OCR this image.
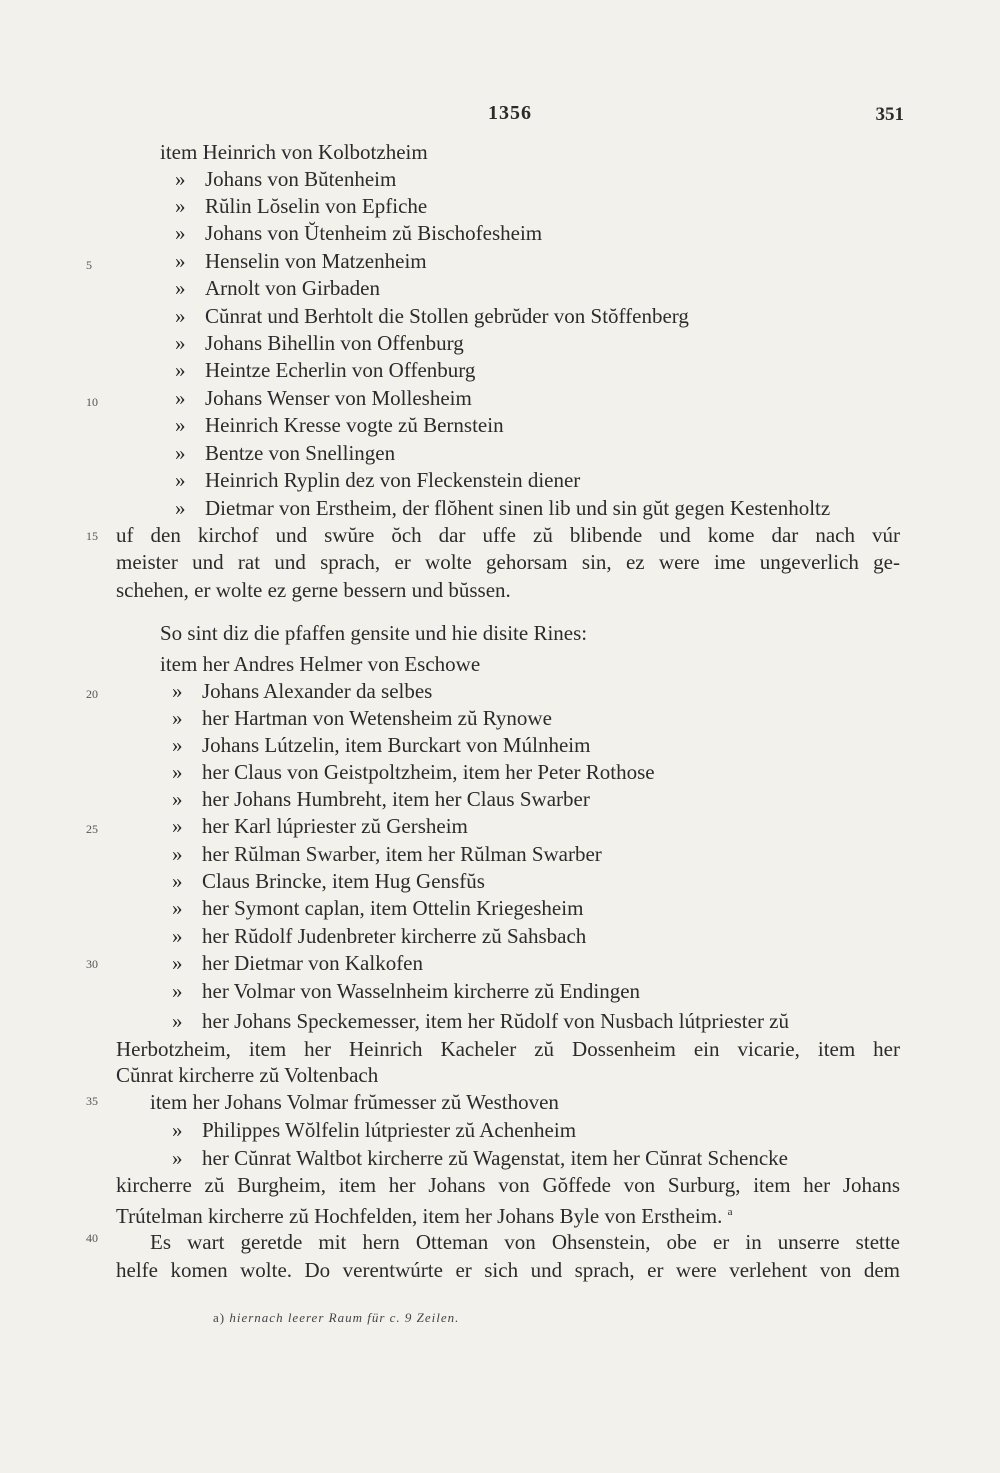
1356	351
5
10
15
20
25
30
35
40
item Heinrich von Kolbotzheim
» Johans von Bŭtenheim
» Rŭlin Lŏselin von Epfiche
» Johans von Ŭtenheim zŭ Bischofesheim
» Henselin von Matzenheim
» Arnolt von Girbaden
» Cŭnrat und Berhtolt die Stollen gebrŭder von Stŏffenberg
» Johans Bihellin von Offenburg
» Heintze Echerlin von Offenburg
» Johans Wenser von Mollesheim
» Heinrich Kresse vogte zŭ Bernstein
» Bentze von Snellingen
» Heinrich Ryplin dez von Fleckenstein diener
» Dietmar von Erstheim, der flŏhent sinen lib und sin gŭt gegen Kestenholtz
uf den kirchof und swŭre ŏch dar uffe zŭ blibende und kome dar nach vúr
meister und rat und sprach, er wolte gehorsam sin, ez were ime ungeverlich ge-
schehen, er wolte ez gerne bessern und bŭssen.
So sint diz die pfaffen gensite und hie disite Rines:
item her Andres Helmer von Eschowe
» Johans Alexander da selbes
» her Hartman von Wetensheim zŭ Rynowe
» Johans Lútzelin, item Burckart von Múlnheim
» her Claus von Geistpoltzheim, item her Peter Rothose
» her Johans Humbreht, item her Claus Swarber
» her Karl lúpriester zŭ Gersheim
» her Rŭlman Swarber, item her Rŭlman Swarber
» Claus Brincke, item Hug Gensfŭs
» her Symont caplan, item Ottelin Kriegesheim
» her Rŭdolf Judenbreter kircherre zŭ Sahsbach
» her Dietmar von Kalkofen
» her Volmar von Wasselnheim kircherre zŭ Endingen
» her Johans Speckemesser, item her Rŭdolf von Nusbach lútpriester zŭ
Herbotzheim, item her Heinrich Kacheler zŭ Dossenheim ein vicarie, item her
Cŭnrat kircherre zŭ Voltenbach
item her Johans Volmar frŭmesser zŭ Westhoven
» Philippes Wŏlfelin lútpriester zŭ Achenheim
» her Cŭnrat Waltbot kircherre zŭ Wagenstat, item her Cŭnrat Schencke
kircherre zŭ Burgheim, item her Johans von Gŏffede von Surburg, item her Johans
Trútelman kircherre zŭ Hochfelden, item her Johans Byle von Erstheim. $^a$
Es wart geretde mit hern Otteman von Ohsenstein, obe er in unserre stette
helfe komen wolte. Do verentwúrte er sich und sprach, er were verlehent von dem
a) hiernach leerer Raum für c. 9 Zeilen.
